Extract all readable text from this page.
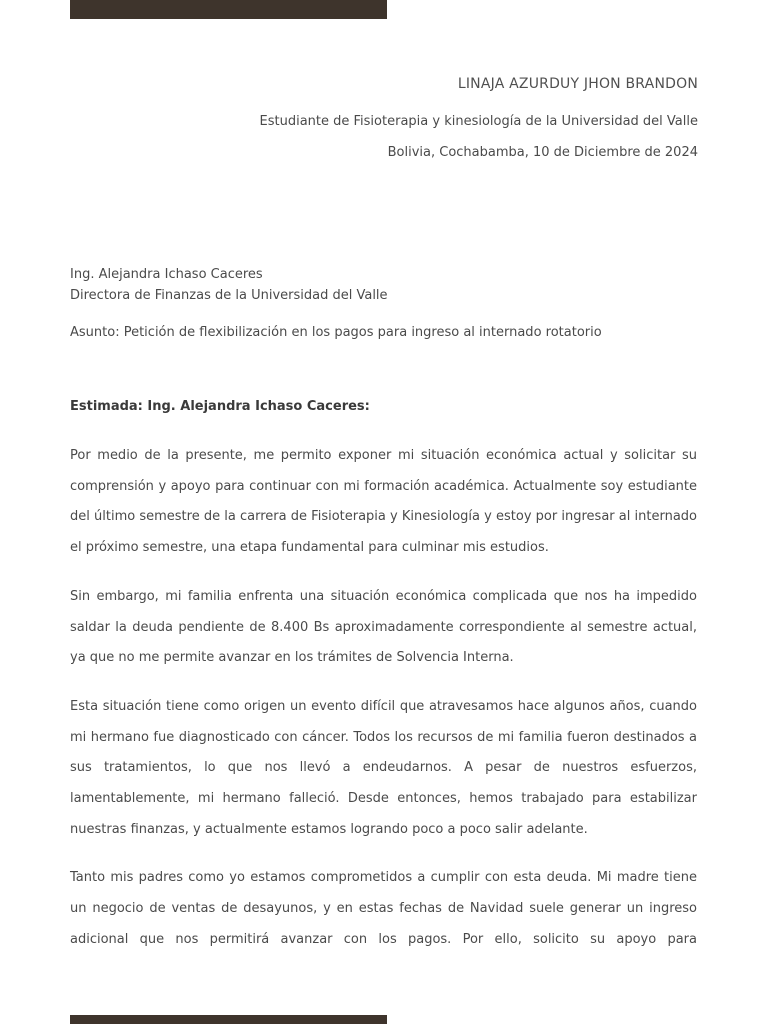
LINAJA AZURDUY JHON BRANDON
Estudiante de Fisioterapia y kinesiología de la Universidad del Valle
Bolivia, Cochabamba, 10 de Diciembre de 2024
Ing. Alejandra Ichaso Caceres
Directora de Finanzas de la Universidad del Valle
Asunto: Petición de flexibilización en los pagos para ingreso al internado rotatorio
Estimada: Ing. Alejandra Ichaso Caceres:

Por medio de la presente, me permito exponer mi situación económica actual y solicitar su comprensión y apoyo para continuar con mi formación académica. Actualmente soy estudiante del último semestre de la carrera de Fisioterapia y Kinesiología y estoy por ingresar al internado el próximo semestre, una etapa fundamental para culminar mis estudios.

Sin embargo, mi familia enfrenta una situación económica complicada que nos ha impedido saldar la deuda pendiente de 8.400 Bs aproximadamente correspondiente al semestre actual, ya que no me permite avanzar en los trámites de Solvencia Interna.

Esta situación tiene como origen un evento difícil que atravesamos hace algunos años, cuando mi hermano fue diagnosticado con cáncer. Todos los recursos de mi familia fueron destinados a sus tratamientos, lo que nos llevó a endeudarnos. A pesar de nuestros esfuerzos, lamentablemente, mi hermano falleció. Desde entonces, hemos trabajado para estabilizar nuestras finanzas, y actualmente estamos logrando poco a poco salir adelante.

Tanto mis padres como yo estamos comprometidos a cumplir con esta deuda. Mi madre tiene un negocio de ventas de desayunos, y en estas fechas de Navidad suele generar un ingreso adicional que nos permitirá avanzar con los pagos. Por ello, solicito su apoyo para
